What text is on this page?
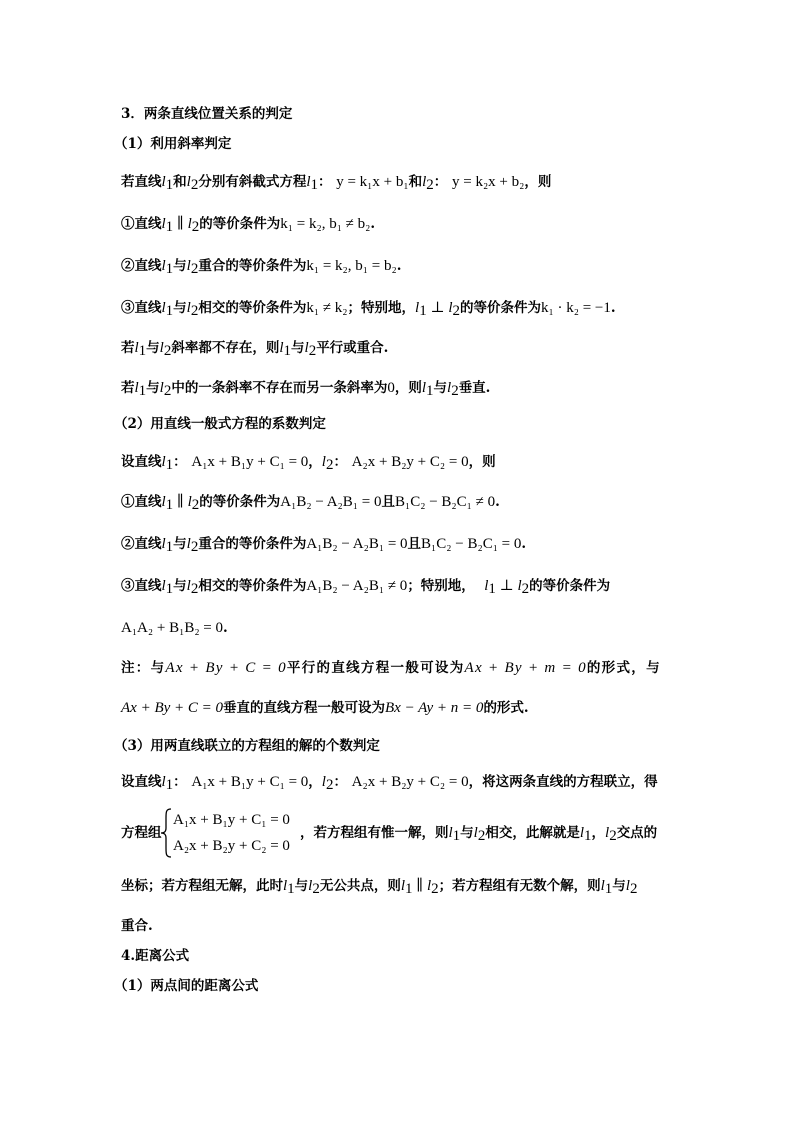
3．两条直线位置关系的判定
（1）利用斜率判定
若直线$l_1$和$l_2$分别有斜截式方程$l_1$： y = k₁x + b₁和$l_2$： y = k₂x + b₂，则
①直线$l_1$ ∥ $l_2$的等价条件为k₁ = k₂, b₁ ≠ b₂.
②直线$l_1$与$l_2$重合的等价条件为k₁ = k₂, b₁ = b₂.
③直线$l_1$与$l_2$相交的等价条件为k₁ ≠ k₂；特别地，$l_1$ ⊥ $l_2$的等价条件为k₁ · k₂ = −1.
若$l_1$与$l_2$斜率都不存在，则$l_1$与$l_2$平行或重合.
若$l_1$与$l_2$中的一条斜率不存在而另一条斜率为0，则$l_1$与$l_2$垂直.
（2）用直线一般式方程的系数判定
设直线$l_1$： A₁x + B₁y + C₁ = 0，$l_2$： A₂x + B₂y + C₂ = 0，则
①直线$l_1$ ∥ $l_2$的等价条件为A₁B₂ − A₂B₁ = 0且B₁C₂ − B₂C₁ ≠ 0.
②直线$l_1$与$l_2$重合的等价条件为A₁B₂ − A₂B₁ = 0且B₁C₂ − B₂C₁ = 0.
③直线$l_1$与$l_2$相交的等价条件为A₁B₂ − A₂B₁ ≠ 0；特别地， $l_1$ ⊥ $l_2$的等价条件为
A₁A₂ + B₁B₂ = 0.
注：与Ax + By + C = 0平行的直线方程一般可设为Ax + By + m = 0的形式，与
Ax + By + C = 0垂直的直线方程一般可设为Bx − Ay + n = 0的形式.
（3）用两直线联立的方程组的解的个数判定
设直线$l_1$： A₁x + B₁y + C₁ = 0，$l_2$： A₂x + B₂y + C₂ = 0，将这两条直线的方程联立，得
方程组
A₁x + B₁y + C₁ = 0
A₂x + B₂y + C₂ = 0
，若方程组有惟一解，则$l_1$与$l_2$相交，此解就是$l_1$，$l_2$交点的
坐标；若方程组无解，此时$l_1$与$l_2$无公共点，则$l_1$ ∥ $l_2$；若方程组有无数个解，则$l_1$与$l_2$
重合.
4.距离公式
（1）两点间的距离公式
